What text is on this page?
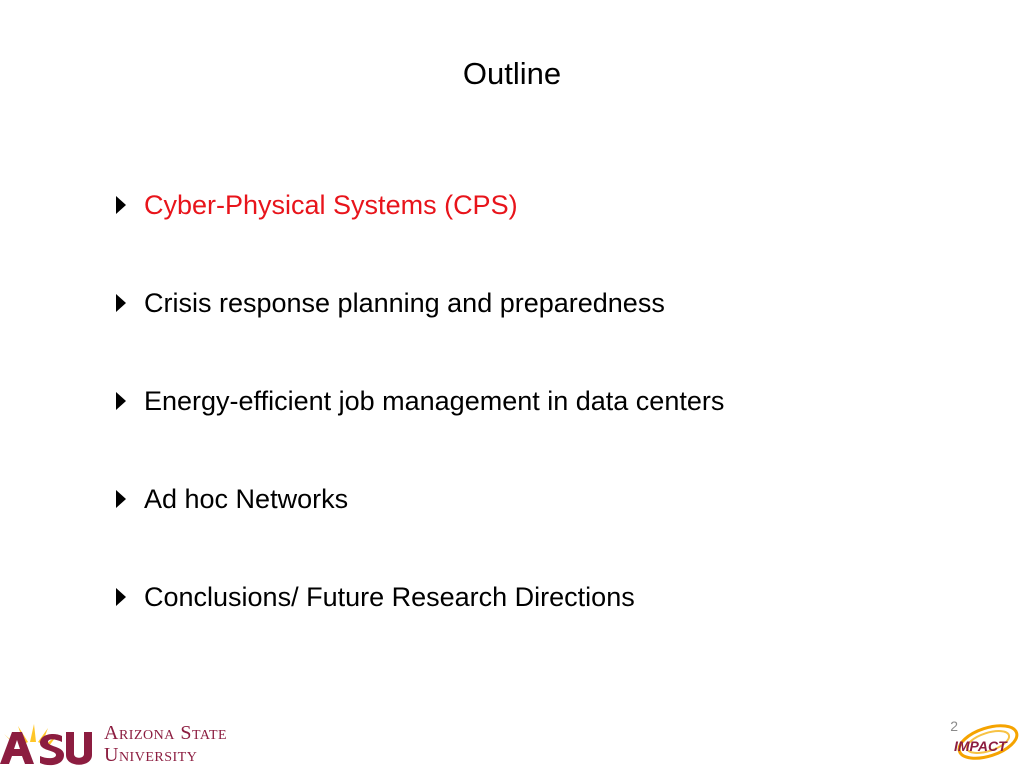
Outline
Cyber-Physical Systems (CPS)
Crisis response planning and preparedness
Energy-efficient job management in data centers
Ad hoc Networks
Conclusions/ Future Research Directions
Arizona State
University
2
IMPACT
